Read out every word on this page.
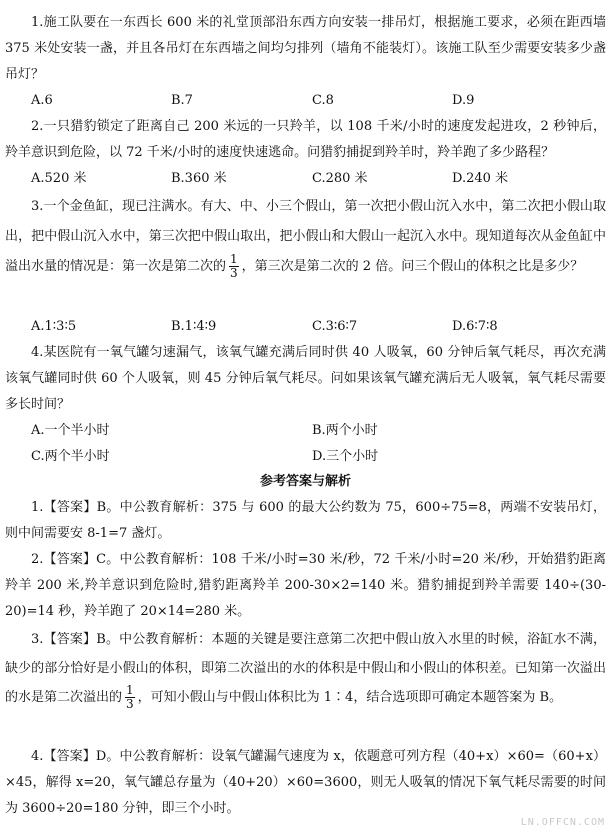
1.施工队要在一东西长 600 米的礼堂顶部沿东西方向安装一排吊灯，根据施工要求，必须在距西墙 375 米处安装一盏，并且各吊灯在东西墙之间均匀排列（墙角不能装灯）。该施工队至少需要安装多少盏吊灯？

A.6	B.7	C.8	D.9

2.一只猎豹锁定了距离自己 200 米远的一只羚羊，以 108 千米/小时的速度发起进攻，2 秒钟后，羚羊意识到危险，以 72 千米/小时的速度快速逃命。问猎豹捕捉到羚羊时，羚羊跑了多少路程？

A.520 米	B.360 米	C.280 米	D.240 米

3.一个金鱼缸，现已注满水。有大、中、小三个假山，第一次把小假山沉入水中，第二次把小假山取出，把中假山沉入水中，第三次把中假山取出，把小假山和大假山一起沉入水中。现知道每次从金鱼缸中溢出水量的情况是：第一次是第二次的 $\frac{1}{3}$ ，第三次是第二次的 2 倍。问三个假山的体积之比是多少？

A.1∶3∶5	B.1∶4∶9	C.3∶6∶7	D.6∶7∶8

4.某医院有一氧气罐匀速漏气，该氧气罐充满后同时供 40 人吸氧，60 分钟后氧气耗尽，再次充满该氧气罐同时供 60 个人吸氧，则 45 分钟后氧气耗尽。问如果该氧气罐充满后无人吸氧，氧气耗尽需要多长时间？

A.一个半小时	B.两个小时
C.两个半小时	D.三个小时
参考答案与解析

1.【答案】B。中公教育解析：375 与 600 的最大公约数为 75，600÷75=8，两端不安装吊灯，则中间需要安 8-1=7 盏灯。

2.【答案】C。中公教育解析：108 千米/小时=30 米/秒，72 千米/小时=20 米/秒，开始猎豹距离羚羊 200 米,羚羊意识到危险时,猎豹距离羚羊 200-30×2=140 米。猎豹捕捉到羚羊需要 140÷(30-20)=14 秒，羚羊跑了 20×14=280 米。

3.【答案】B。中公教育解析：本题的关键是要注意第二次把中假山放入水里的时候，浴缸水不满，缺少的部分恰好是小假山的体积，即第二次溢出的水的体积是中假山和小假山的体积差。已知第一次溢出的水是第二次溢出的 $\frac{1}{3}$ ，可知小假山与中假山体积比为 1∶4，结合选项即可确定本题答案为 B。

4.【答案】D。中公教育解析：设氧气罐漏气速度为 x，依题意可列方程（40+x）×60=（60+x）×45，解得 x=20，氧气罐总存量为（40+20）×60=3600，则无人吸氧的情况下氧气耗尽需要的时间为 3600÷20=180 分钟，即三个小时。

LN.OFFCN.COM
